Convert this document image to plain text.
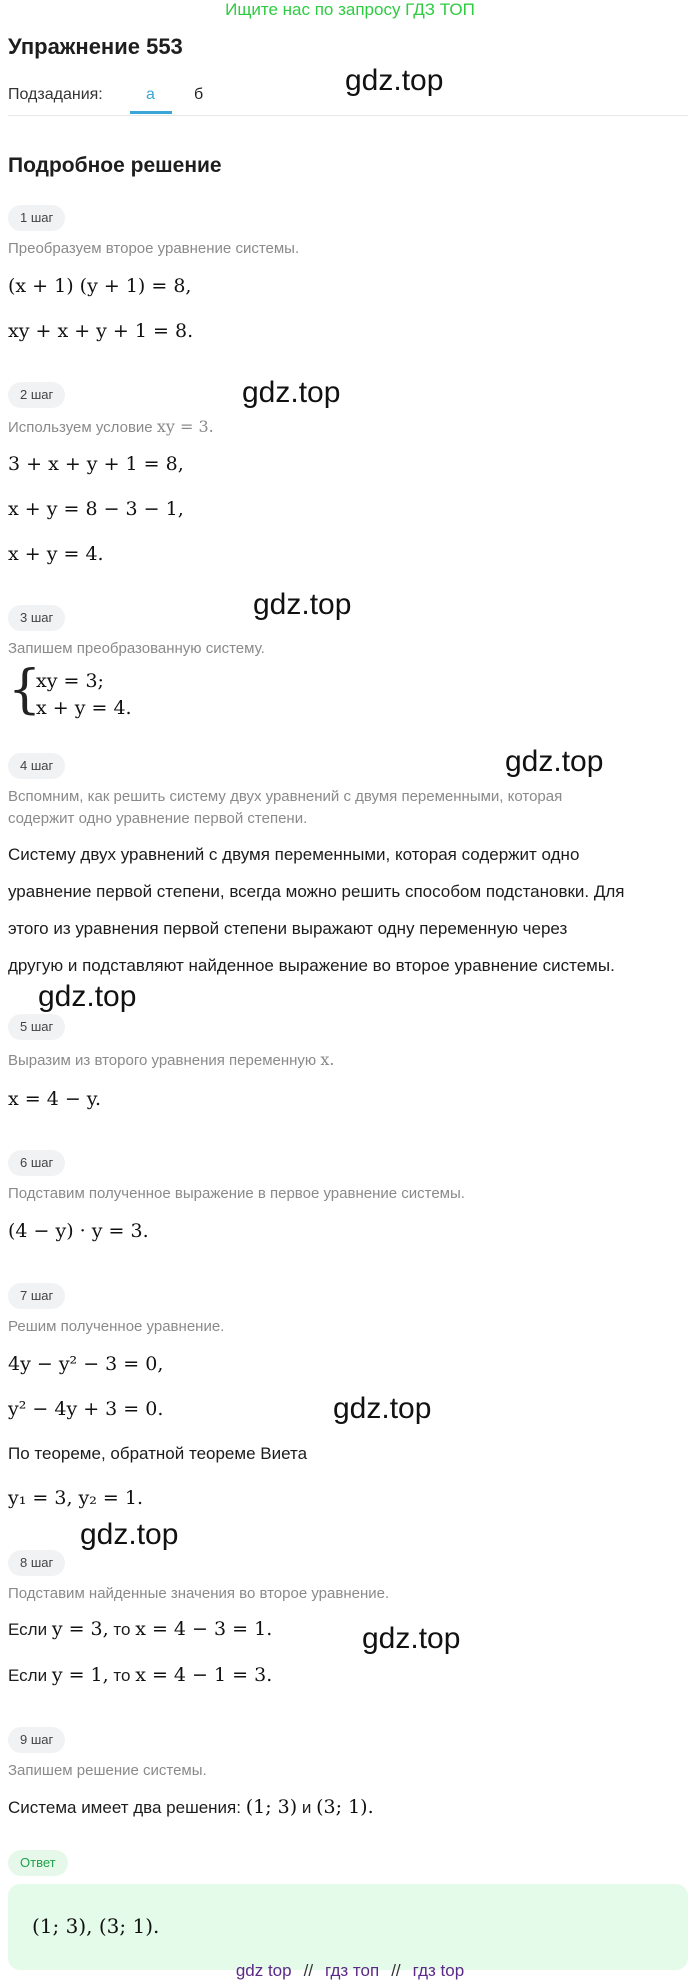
Ищите нас по запросу ГДЗ ТОП
Упражнение 553
Подзадания:	а б	gdz.top
gdz.top
gdz.top
gdz.top
gdz.top
gdz.top
gdz.top
gdz.top
Подробное решение
1 шаг
Преобразуем второе уравнение системы.
(x + 1) (y + 1) = 8,
xy + x + y + 1 = 8.
2 шаг
Используем условие xy = 3.
3 + x + y + 1 = 8,
x + y = 8 − 3 − 1,
x + y = 4.
3 шаг
Запишем преобразованную систему.
{
xy = 3;
x + y = 4.
4 шаг
Вспомним, как решить систему двух уравнений с двумя переменными, которая
содержит одно уравнение первой степени.
Систему двух уравнений с двумя переменными, которая содержит одно
уравнение первой степени, всегда можно решить способом подстановки. Для
этого из уравнения первой степени выражают одну переменную через
другую и подставляют найденное выражение во второе уравнение системы.
5 шаг
Выразим из второго уравнения переменную x.
x = 4 − y.
6 шаг
Подставим полученное выражение в первое уравнение системы.
(4 − y) · y = 3.
7 шаг
Решим полученное уравнение.
4y − y² − 3 = 0,
y² − 4y + 3 = 0.
По теореме, обратной теореме Виета
y₁ = 3, y₂ = 1.
8 шаг
Подставим найденные значения во второе уравнение.
Если y = 3, то x = 4 − 3 = 1.
Если y = 1, то x = 4 − 1 = 3.
9 шаг
Запишем решение системы.
Система имеет два решения: (1; 3) и (3; 1).
Ответ
(1; 3), (3; 1).
gdz top // гдз топ // гдз top
